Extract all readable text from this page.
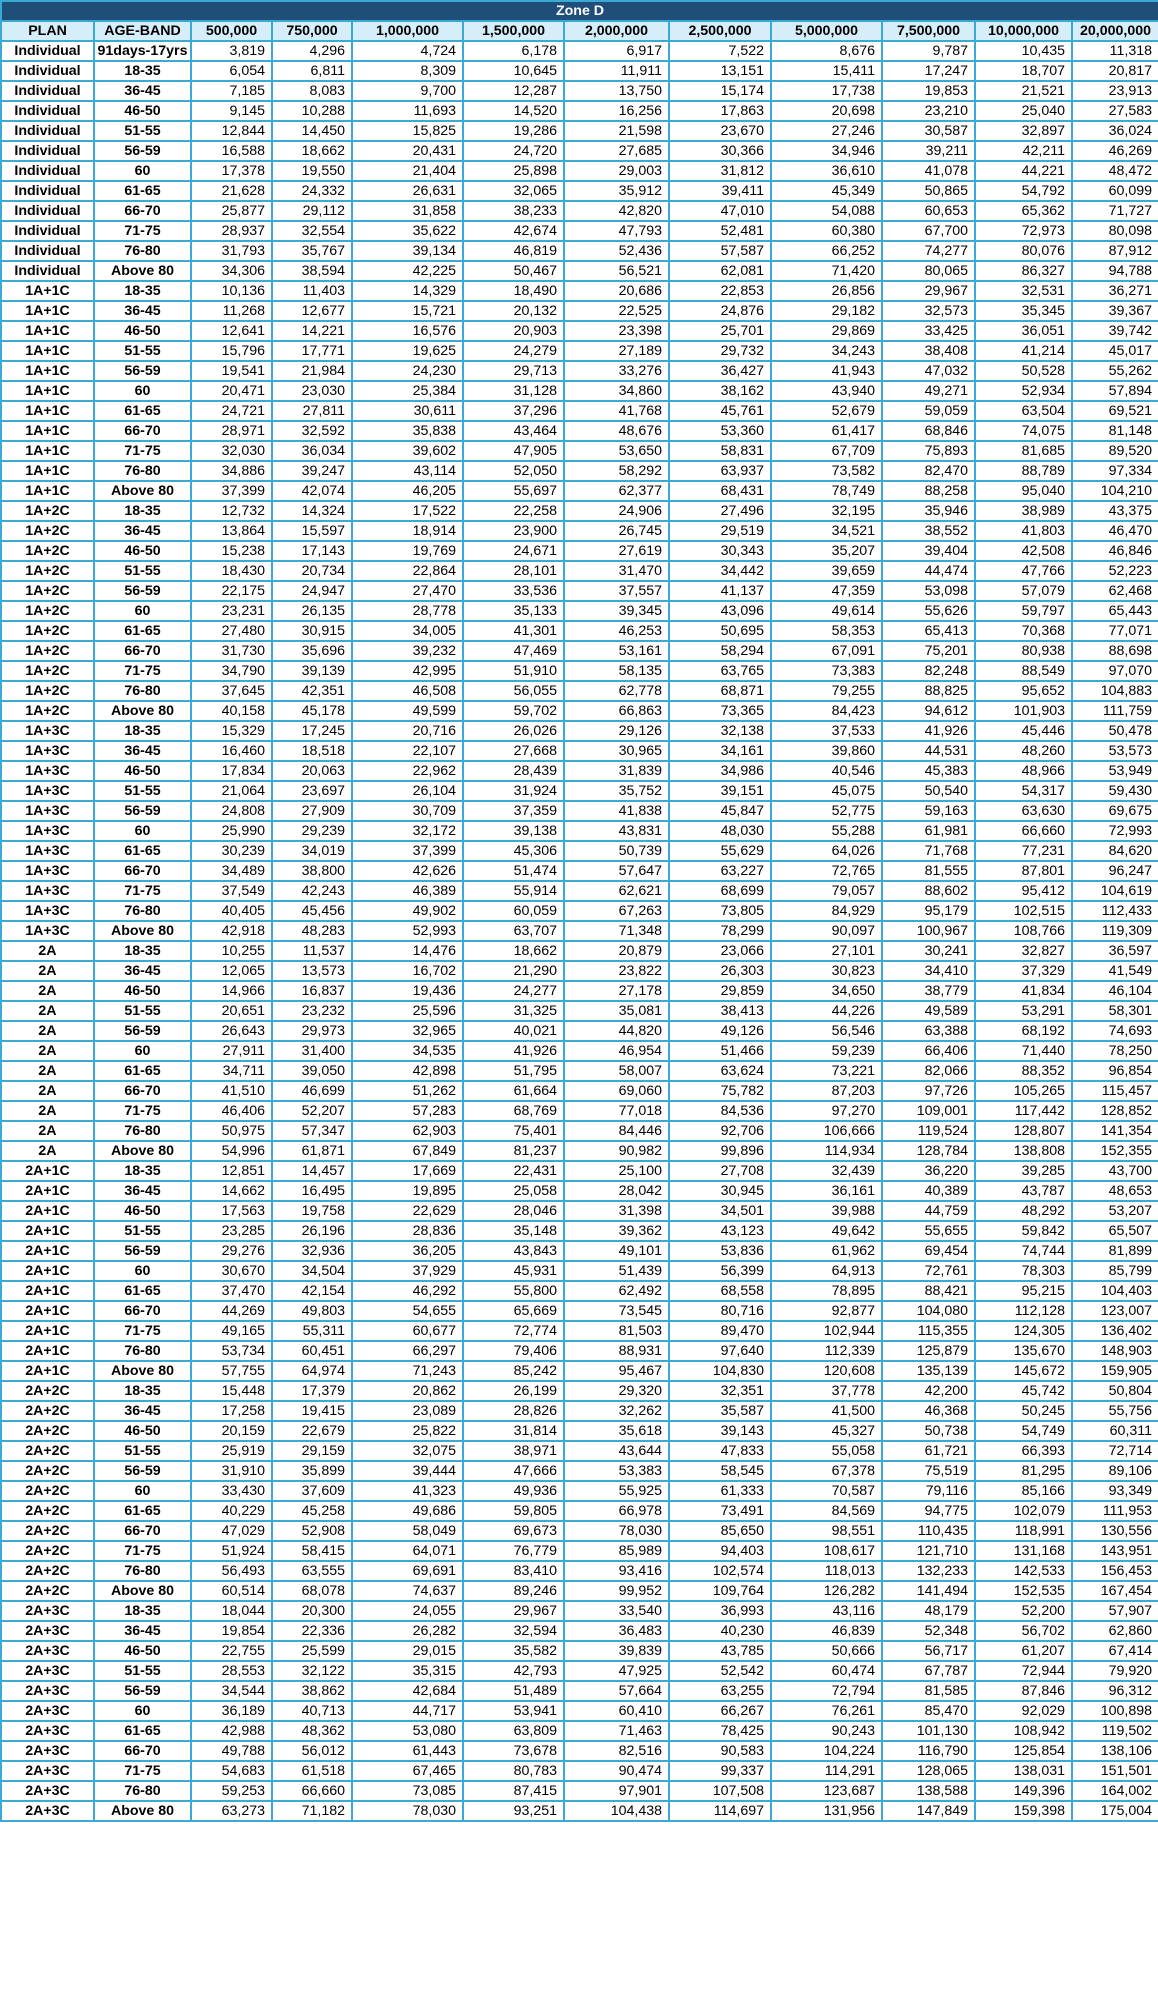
Zone D											
PLAN	AGE-BAND	500,000	750,000	1,000,000	1,500,000	2,000,000	2,500,000	5,000,000	7,500,000	10,000,000	20,000,000
Individual	91days-17yrs	3,819	4,296	4,724	6,178	6,917	7,522	8,676	9,787	10,435	11,318
Individual	18-35	6,054	6,811	8,309	10,645	11,911	13,151	15,411	17,247	18,707	20,817
Individual	36-45	7,185	8,083	9,700	12,287	13,750	15,174	17,738	19,853	21,521	23,913
Individual	46-50	9,145	10,288	11,693	14,520	16,256	17,863	20,698	23,210	25,040	27,583
Individual	51-55	12,844	14,450	15,825	19,286	21,598	23,670	27,246	30,587	32,897	36,024
Individual	56-59	16,588	18,662	20,431	24,720	27,685	30,366	34,946	39,211	42,211	46,269
Individual	60	17,378	19,550	21,404	25,898	29,003	31,812	36,610	41,078	44,221	48,472
Individual	61-65	21,628	24,332	26,631	32,065	35,912	39,411	45,349	50,865	54,792	60,099
Individual	66-70	25,877	29,112	31,858	38,233	42,820	47,010	54,088	60,653	65,362	71,727
Individual	71-75	28,937	32,554	35,622	42,674	47,793	52,481	60,380	67,700	72,973	80,098
Individual	76-80	31,793	35,767	39,134	46,819	52,436	57,587	66,252	74,277	80,076	87,912
Individual	Above 80	34,306	38,594	42,225	50,467	56,521	62,081	71,420	80,065	86,327	94,788
1A+1C	18-35	10,136	11,403	14,329	18,490	20,686	22,853	26,856	29,967	32,531	36,271
1A+1C	36-45	11,268	12,677	15,721	20,132	22,525	24,876	29,182	32,573	35,345	39,367
1A+1C	46-50	12,641	14,221	16,576	20,903	23,398	25,701	29,869	33,425	36,051	39,742
1A+1C	51-55	15,796	17,771	19,625	24,279	27,189	29,732	34,243	38,408	41,214	45,017
1A+1C	56-59	19,541	21,984	24,230	29,713	33,276	36,427	41,943	47,032	50,528	55,262
1A+1C	60	20,471	23,030	25,384	31,128	34,860	38,162	43,940	49,271	52,934	57,894
1A+1C	61-65	24,721	27,811	30,611	37,296	41,768	45,761	52,679	59,059	63,504	69,521
1A+1C	66-70	28,971	32,592	35,838	43,464	48,676	53,360	61,417	68,846	74,075	81,148
1A+1C	71-75	32,030	36,034	39,602	47,905	53,650	58,831	67,709	75,893	81,685	89,520
1A+1C	76-80	34,886	39,247	43,114	52,050	58,292	63,937	73,582	82,470	88,789	97,334
1A+1C	Above 80	37,399	42,074	46,205	55,697	62,377	68,431	78,749	88,258	95,040	104,210
1A+2C	18-35	12,732	14,324	17,522	22,258	24,906	27,496	32,195	35,946	38,989	43,375
1A+2C	36-45	13,864	15,597	18,914	23,900	26,745	29,519	34,521	38,552	41,803	46,470
1A+2C	46-50	15,238	17,143	19,769	24,671	27,619	30,343	35,207	39,404	42,508	46,846
1A+2C	51-55	18,430	20,734	22,864	28,101	31,470	34,442	39,659	44,474	47,766	52,223
1A+2C	56-59	22,175	24,947	27,470	33,536	37,557	41,137	47,359	53,098	57,079	62,468
1A+2C	60	23,231	26,135	28,778	35,133	39,345	43,096	49,614	55,626	59,797	65,443
1A+2C	61-65	27,480	30,915	34,005	41,301	46,253	50,695	58,353	65,413	70,368	77,071
1A+2C	66-70	31,730	35,696	39,232	47,469	53,161	58,294	67,091	75,201	80,938	88,698
1A+2C	71-75	34,790	39,139	42,995	51,910	58,135	63,765	73,383	82,248	88,549	97,070
1A+2C	76-80	37,645	42,351	46,508	56,055	62,778	68,871	79,255	88,825	95,652	104,883
1A+2C	Above 80	40,158	45,178	49,599	59,702	66,863	73,365	84,423	94,612	101,903	111,759
1A+3C	18-35	15,329	17,245	20,716	26,026	29,126	32,138	37,533	41,926	45,446	50,478
1A+3C	36-45	16,460	18,518	22,107	27,668	30,965	34,161	39,860	44,531	48,260	53,573
1A+3C	46-50	17,834	20,063	22,962	28,439	31,839	34,986	40,546	45,383	48,966	53,949
1A+3C	51-55	21,064	23,697	26,104	31,924	35,752	39,151	45,075	50,540	54,317	59,430
1A+3C	56-59	24,808	27,909	30,709	37,359	41,838	45,847	52,775	59,163	63,630	69,675
1A+3C	60	25,990	29,239	32,172	39,138	43,831	48,030	55,288	61,981	66,660	72,993
1A+3C	61-65	30,239	34,019	37,399	45,306	50,739	55,629	64,026	71,768	77,231	84,620
1A+3C	66-70	34,489	38,800	42,626	51,474	57,647	63,227	72,765	81,555	87,801	96,247
1A+3C	71-75	37,549	42,243	46,389	55,914	62,621	68,699	79,057	88,602	95,412	104,619
1A+3C	76-80	40,405	45,456	49,902	60,059	67,263	73,805	84,929	95,179	102,515	112,433
1A+3C	Above 80	42,918	48,283	52,993	63,707	71,348	78,299	90,097	100,967	108,766	119,309
2A	18-35	10,255	11,537	14,476	18,662	20,879	23,066	27,101	30,241	32,827	36,597
2A	36-45	12,065	13,573	16,702	21,290	23,822	26,303	30,823	34,410	37,329	41,549
2A	46-50	14,966	16,837	19,436	24,277	27,178	29,859	34,650	38,779	41,834	46,104
2A	51-55	20,651	23,232	25,596	31,325	35,081	38,413	44,226	49,589	53,291	58,301
2A	56-59	26,643	29,973	32,965	40,021	44,820	49,126	56,546	63,388	68,192	74,693
2A	60	27,911	31,400	34,535	41,926	46,954	51,466	59,239	66,406	71,440	78,250
2A	61-65	34,711	39,050	42,898	51,795	58,007	63,624	73,221	82,066	88,352	96,854
2A	66-70	41,510	46,699	51,262	61,664	69,060	75,782	87,203	97,726	105,265	115,457
2A	71-75	46,406	52,207	57,283	68,769	77,018	84,536	97,270	109,001	117,442	128,852
2A	76-80	50,975	57,347	62,903	75,401	84,446	92,706	106,666	119,524	128,807	141,354
2A	Above 80	54,996	61,871	67,849	81,237	90,982	99,896	114,934	128,784	138,808	152,355
2A+1C	18-35	12,851	14,457	17,669	22,431	25,100	27,708	32,439	36,220	39,285	43,700
2A+1C	36-45	14,662	16,495	19,895	25,058	28,042	30,945	36,161	40,389	43,787	48,653
2A+1C	46-50	17,563	19,758	22,629	28,046	31,398	34,501	39,988	44,759	48,292	53,207
2A+1C	51-55	23,285	26,196	28,836	35,148	39,362	43,123	49,642	55,655	59,842	65,507
2A+1C	56-59	29,276	32,936	36,205	43,843	49,101	53,836	61,962	69,454	74,744	81,899
2A+1C	60	30,670	34,504	37,929	45,931	51,439	56,399	64,913	72,761	78,303	85,799
2A+1C	61-65	37,470	42,154	46,292	55,800	62,492	68,558	78,895	88,421	95,215	104,403
2A+1C	66-70	44,269	49,803	54,655	65,669	73,545	80,716	92,877	104,080	112,128	123,007
2A+1C	71-75	49,165	55,311	60,677	72,774	81,503	89,470	102,944	115,355	124,305	136,402
2A+1C	76-80	53,734	60,451	66,297	79,406	88,931	97,640	112,339	125,879	135,670	148,903
2A+1C	Above 80	57,755	64,974	71,243	85,242	95,467	104,830	120,608	135,139	145,672	159,905
2A+2C	18-35	15,448	17,379	20,862	26,199	29,320	32,351	37,778	42,200	45,742	50,804
2A+2C	36-45	17,258	19,415	23,089	28,826	32,262	35,587	41,500	46,368	50,245	55,756
2A+2C	46-50	20,159	22,679	25,822	31,814	35,618	39,143	45,327	50,738	54,749	60,311
2A+2C	51-55	25,919	29,159	32,075	38,971	43,644	47,833	55,058	61,721	66,393	72,714
2A+2C	56-59	31,910	35,899	39,444	47,666	53,383	58,545	67,378	75,519	81,295	89,106
2A+2C	60	33,430	37,609	41,323	49,936	55,925	61,333	70,587	79,116	85,166	93,349
2A+2C	61-65	40,229	45,258	49,686	59,805	66,978	73,491	84,569	94,775	102,079	111,953
2A+2C	66-70	47,029	52,908	58,049	69,673	78,030	85,650	98,551	110,435	118,991	130,556
2A+2C	71-75	51,924	58,415	64,071	76,779	85,989	94,403	108,617	121,710	131,168	143,951
2A+2C	76-80	56,493	63,555	69,691	83,410	93,416	102,574	118,013	132,233	142,533	156,453
2A+2C	Above 80	60,514	68,078	74,637	89,246	99,952	109,764	126,282	141,494	152,535	167,454
2A+3C	18-35	18,044	20,300	24,055	29,967	33,540	36,993	43,116	48,179	52,200	57,907
2A+3C	36-45	19,854	22,336	26,282	32,594	36,483	40,230	46,839	52,348	56,702	62,860
2A+3C	46-50	22,755	25,599	29,015	35,582	39,839	43,785	50,666	56,717	61,207	67,414
2A+3C	51-55	28,553	32,122	35,315	42,793	47,925	52,542	60,474	67,787	72,944	79,920
2A+3C	56-59	34,544	38,862	42,684	51,489	57,664	63,255	72,794	81,585	87,846	96,312
2A+3C	60	36,189	40,713	44,717	53,941	60,410	66,267	76,261	85,470	92,029	100,898
2A+3C	61-65	42,988	48,362	53,080	63,809	71,463	78,425	90,243	101,130	108,942	119,502
2A+3C	66-70	49,788	56,012	61,443	73,678	82,516	90,583	104,224	116,790	125,854	138,106
2A+3C	71-75	54,683	61,518	67,465	80,783	90,474	99,337	114,291	128,065	138,031	151,501
2A+3C	76-80	59,253	66,660	73,085	87,415	97,901	107,508	123,687	138,588	149,396	164,002
2A+3C	Above 80	63,273	71,182	78,030	93,251	104,438	114,697	131,956	147,849	159,398	175,004
